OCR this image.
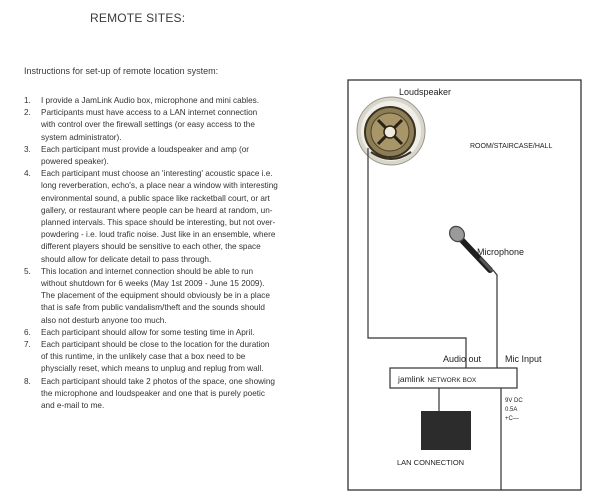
REMOTE SITES:
Instructions for set-up of remote location system:
1.	I provide a JamLink Audio box, microphone and mini cables.
2.	Participants must have access to a LAN internet connection
with control over the firewall settings (or easy access to the
system administrator).
3.	Each participant must provide a loudspeaker and amp (or
powered speaker).
4.	Each participant must choose an 'interesting' acoustic space i.e.
long reverberation, echo's, a place near a window with interesting
environmental sound, a public space like racketball court, or art
gallery, or restaurant where people can be heard at random, un-
planned intervals. This space should be interesting, but not over-
powdering - i.e. loud trafic noise. Just like in an ensemble, where
different players should be sensitive to each other, the space
should allow for delicate detail to pass through.
5.	This location and internet connection should be able to run
without shutdown for 6 weeks (May 1st 2009 - June 15 2009).
The placement of the equipment should obviously be in a place
that is safe from public vandalism/theft and the sounds should
also not desturb anyone too much.
6.	Each participant should allow for some testing time in April.
7.	Each participant should be close to the location for the duration
of this runtime, in the unlikely case that a box need to be
physcially reset, which means to unplug and replug from wall.
8.	Each participant should take 2 photos of the space, one showing
the microphone and loudspeaker and one that is purely poetic
and e-mail to me.
Loudspeaker
ROOM/STAIRCASE/HALL
Microphone
jamlink NETWORK BOX
Audio out	Mic Input
9V DC
0.5A
+C—
LAN CONNECTION
